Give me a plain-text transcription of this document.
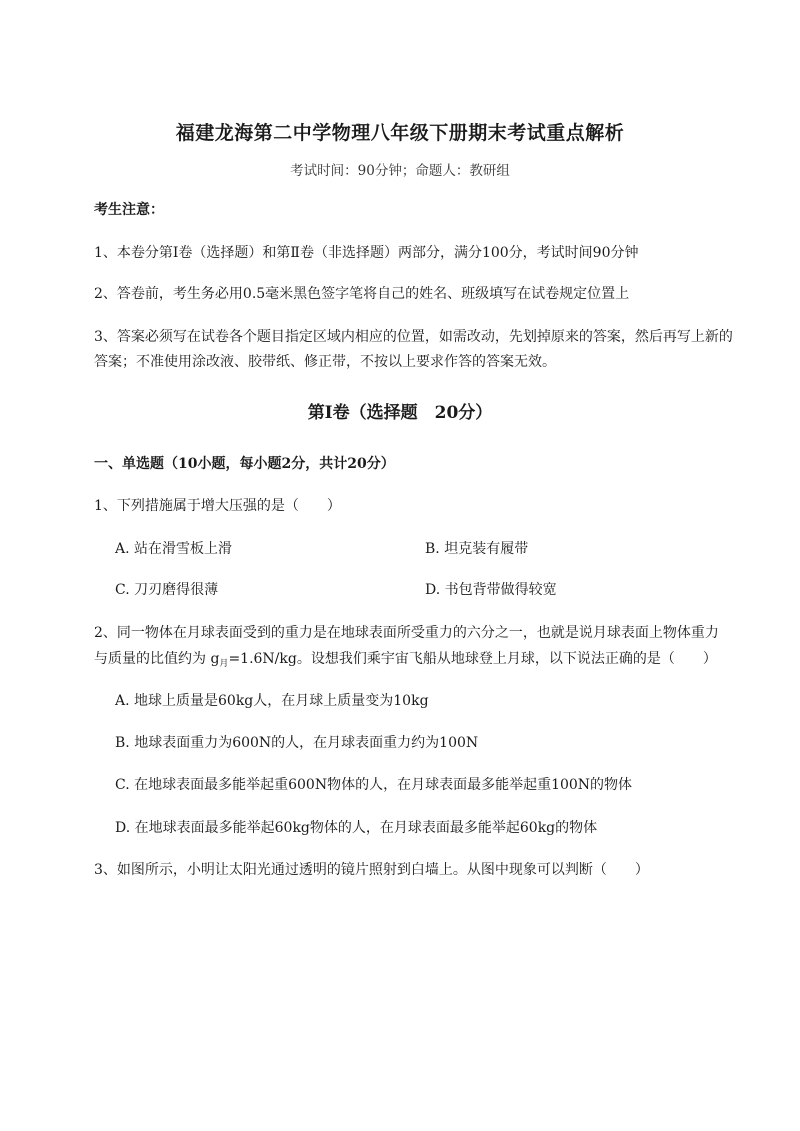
福建龙海第二中学物理八年级下册期末考试重点解析
考试时间：90分钟；命题人：教研组
考生注意：
1、本卷分第I卷（选择题）和第Ⅱ卷（非选择题）两部分，满分100分，考试时间90分钟
2、答卷前，考生务必用0.5毫米黑色签字笔将自己的姓名、班级填写在试卷规定位置上
3、答案必须写在试卷各个题目指定区域内相应的位置，如需改动，先划掉原来的答案，然后再写上新的答案；不准使用涂改液、胶带纸、修正带，不按以上要求作答的答案无效。
第I卷（选择题　20分）
一、单选题（10小题，每小题2分，共计20分）
1、下列措施属于增大压强的是（　　）
A. 站在滑雪板上滑	B. 坦克装有履带
C. 刀刃磨得很薄	D. 书包背带做得较宽
2、同一物体在月球表面受到的重力是在地球表面所受重力的六分之一，也就是说月球表面上物体重力
与质量的比值约为 $g_月=1.6N/kg$。设想我们乘宇宙飞船从地球登上月球，以下说法正确的是（　　）
A. 地球上质量是60kg人，在月球上质量变为10kg
B. 地球表面重力为600N的人，在月球表面重力约为100N
C. 在地球表面最多能举起重600N物体的人，在月球表面最多能举起重100N的物体
D. 在地球表面最多能举起60kg物体的人，在月球表面最多能举起60kg的物体
3、如图所示，小明让太阳光通过透明的镜片照射到白墙上。从图中现象可以判断（　　）
